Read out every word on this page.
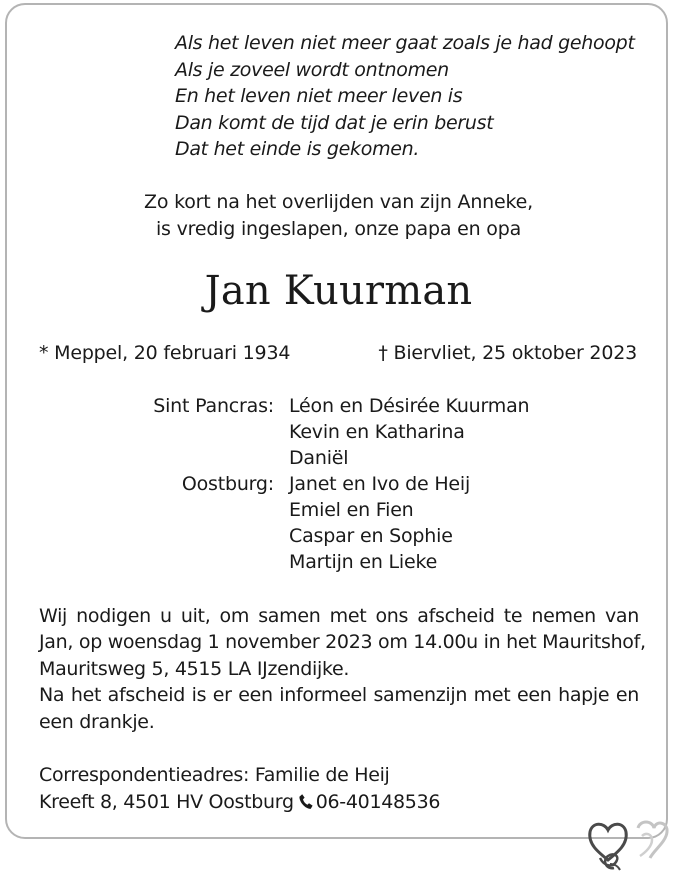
Als het leven niet meer gaat zoals je had gehoopt
Als je zoveel wordt ontnomen
En het leven niet meer leven is
Dan komt de tijd dat je erin berust
Dat het einde is gekomen.
Zo kort na het overlijden van zijn Anneke,
is vredig ingeslapen, onze papa en opa
Jan Kuurman
* Meppel, 20 februari 1934	† Biervliet, 25 oktober 2023
Sint Pancras: Léon en Désirée Kuurman
Kevin en Katharina
Daniël
Oostburg: Janet en Ivo de Heij
Emiel en Fien
Caspar en Sophie
Martijn en Lieke
Wij nodigen u uit, om samen met ons afscheid te nemen van
Jan, op woensdag 1 november 2023 om 14.00u in het Mauritshof,
Mauritsweg 5, 4515 LA IJzendijke.
Na het afscheid is er een informeel samenzijn met een hapje en
een drankje.
Correspondentieadres: Familie de Heij
Kreeft 8, 4501 HV Oostburg 06-40148536
